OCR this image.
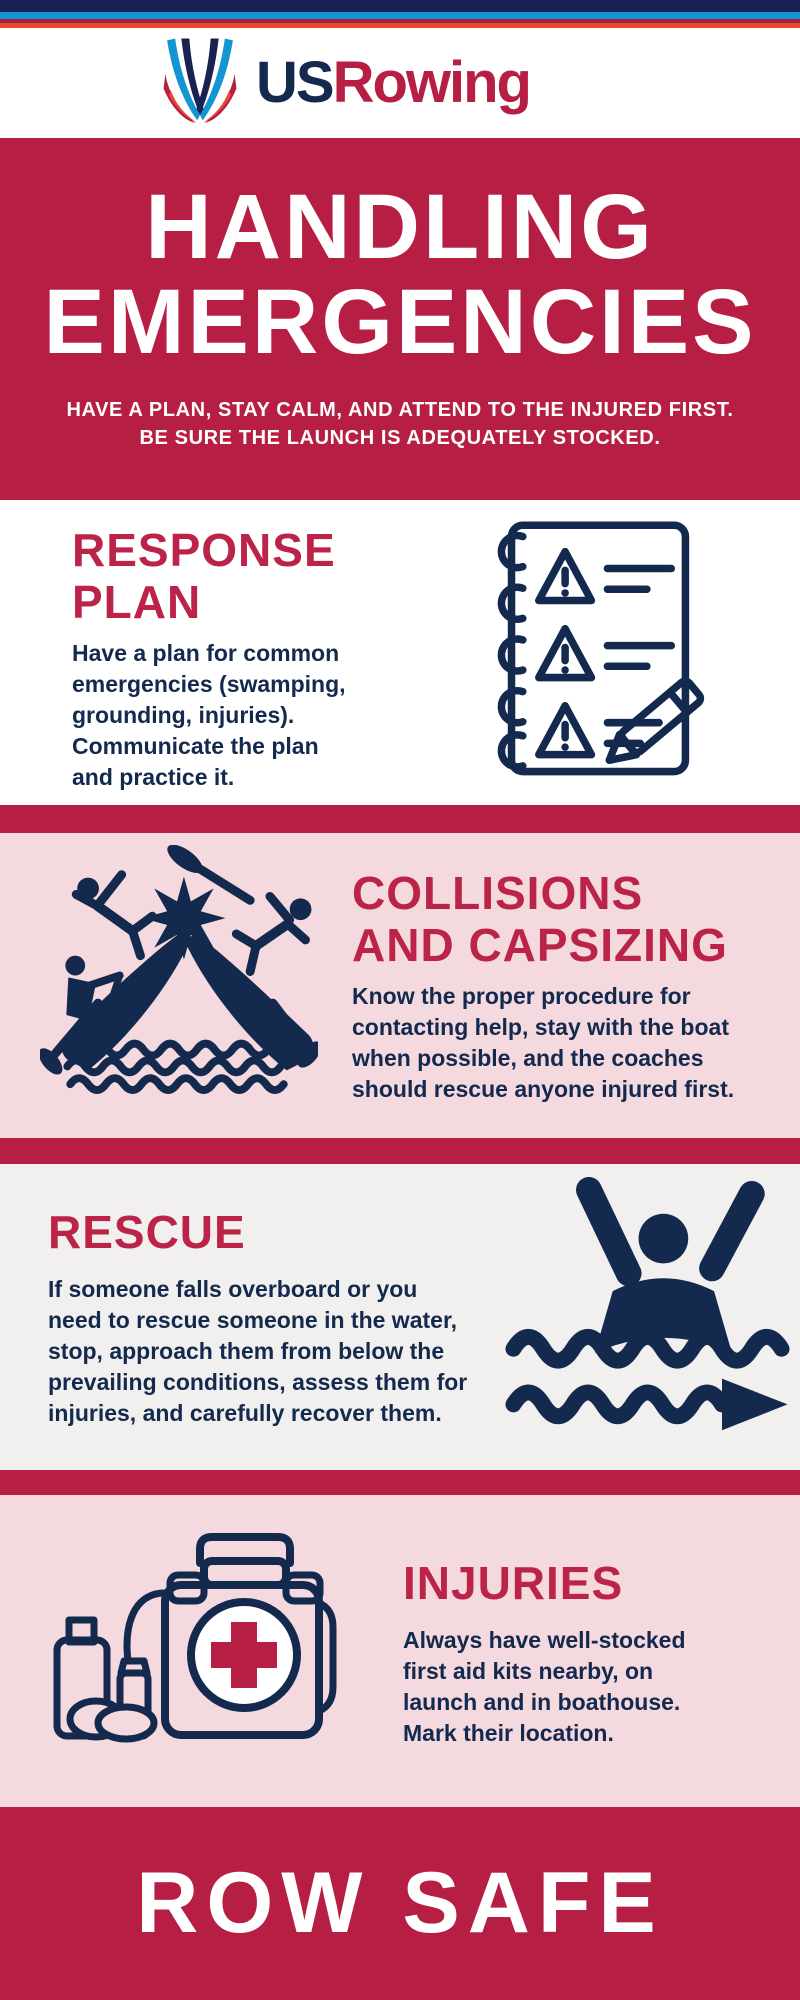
USRowing
HANDLING
EMERGENCIES
HAVE A PLAN, STAY CALM, AND ATTEND TO THE INJURED FIRST.
BE SURE THE LAUNCH IS ADEQUATELY STOCKED.
RESPONSE
PLAN
Have a plan for common
emergencies (swamping,
grounding, injuries).
Communicate the plan
and practice it.
COLLISIONS
AND CAPSIZING
Know the proper procedure for
contacting help, stay with the boat
when possible, and the coaches
should rescue anyone injured first.
RESCUE
If someone falls overboard or you
need to rescue someone in the water,
stop, approach them from below the
prevailing conditions, assess them for
injuries, and carefully recover them.
INJURIES
Always have well-stocked
first aid kits nearby, on
launch and in boathouse.
Mark their location.
ROW SAFE
